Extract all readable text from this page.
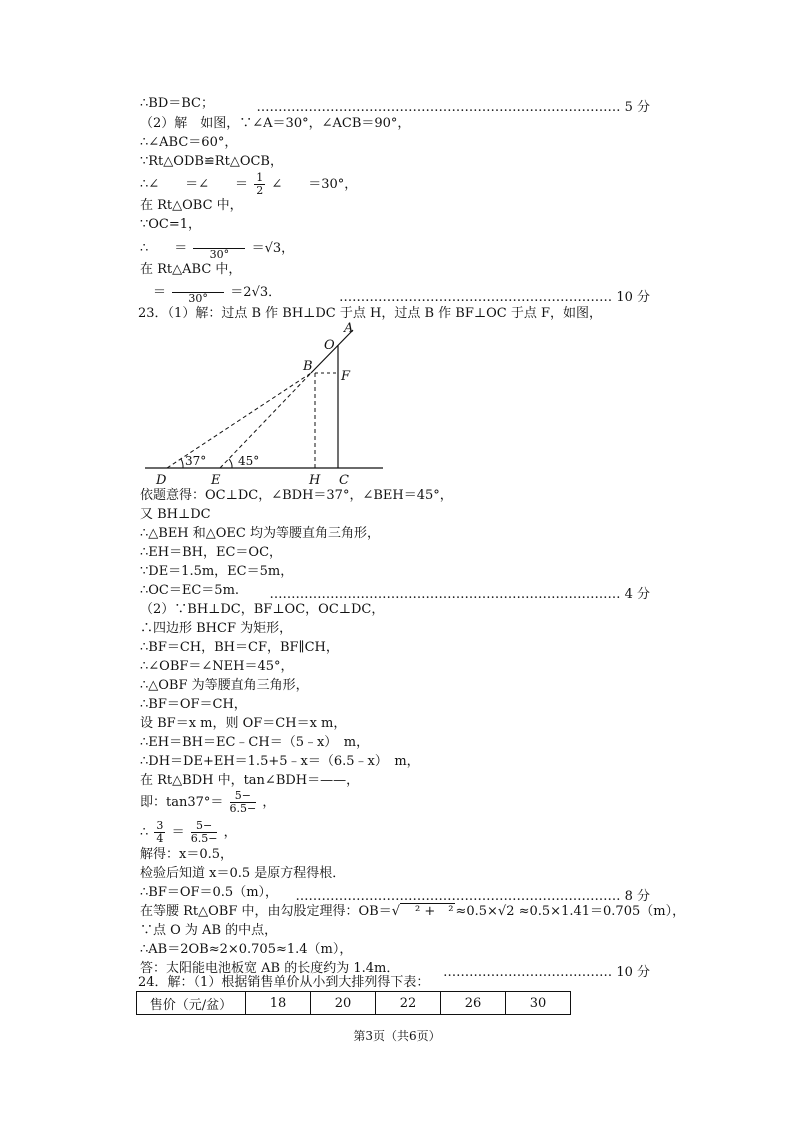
∴BD＝BC；	………………………………………………………………………… 5 分
（2）解　如图，∵∠A＝30°，∠ACB＝90°，
∴∠ABC＝60°，
∵Rt△ODB≌Rt△OCB，
∴∠　　＝∠　　＝ $\frac{1}{2}$ ∠　　＝30°，
在 Rt△OBC 中，
∵OC=1，
∴　　＝
	30°	＝√3，
在 Rt△ABC 中，
　＝
	30°	＝2√3．	……………………………………………………… 10 分
23．（1）解：过点 B 作 BH⊥DC 于点 H，过点 B 作 BF⊥OC 于点 F，如图，
A
O
B
F
D	E	H C
37°	45°
依题意得：OC⊥DC，∠BDH＝37°，∠BEH＝45°，
又 BH⊥DC
∴△BEH 和△OEC 均为等腰直角三角形，
∴EH＝BH，EC＝OC，
∵DE＝1.5m，EC＝5m，
∴OC＝EC＝5m. ……………………………………………………………………… 4 分
（2）∵BH⊥DC，BF⊥OC，OC⊥DC，
∴四边形 BHCF 为矩形，
∴BF＝CH，BH＝CF，BF∥CH，
∴∠OBF＝∠NEH＝45°，
∴△OBF 为等腰直角三角形，
∴BF＝OF＝CH，
设 BF＝x m，则 OF＝CH＝x m，
∴EH＝BH＝EC﹣CH＝（5﹣x）　m，
∴DH＝DE+EH＝1.5+5﹣x＝（6.5﹣x）　m，
在 Rt△BDH 中，tan∠BDH＝——，
即：$\tan 37^\circ= \frac{5-}{6.5-}$ ，
∴ $\frac{3}{4} = \frac{5-}{6.5-}$ ，
解得：x＝0.5，
检验后知道 x＝0.5 是原方程得根．
∴BF＝OF＝0.5（m）， ………………………………………………………………… 8 分
在等腰 Rt△OBF 中，由勾股定理得：OB＝√　² +　² ≈0.5×√2 ≈0.5×1.41＝0.705（m），
∵点 O 为 AB 的中点，
∴AB＝2OB≈2×0.705≈1.4（m），
答：太阳能电池板宽 AB 的长度约为 1.4m．	………………………………… 10 分
24．解：（1）根据销售单价从小到大排列得下表：
售价（元/盆）	18	20	22	26	30
第3页（共6页）
